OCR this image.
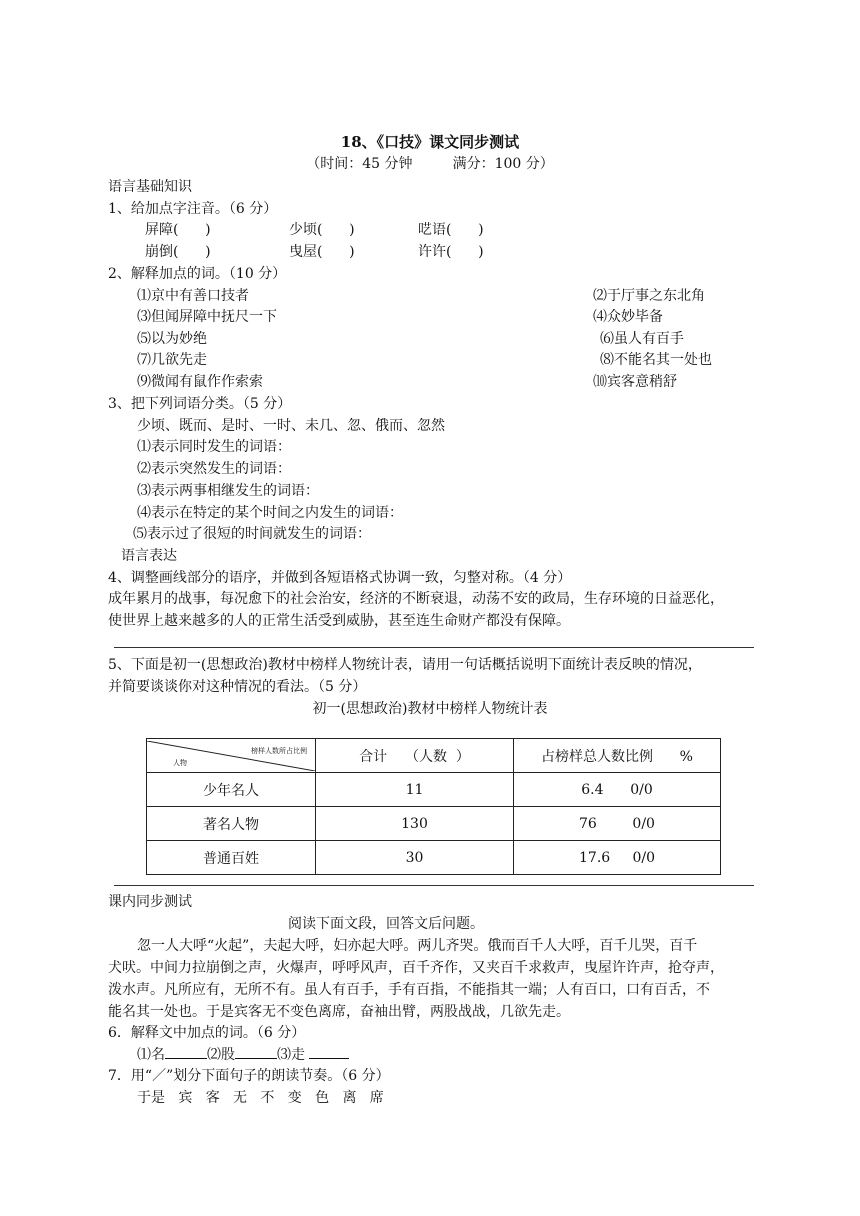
18、《口技》课文同步测试
（时间：45 分钟         满分：100 分）
语言基础知识
1、给加点字注音。（6 分）
屏障(      )	少顷(      )	呓语(      )
崩倒(      )	曳屋(      )	许许(      )
2、解释加点的词。（10 分）
⑴京中有善口技者	⑵于厅事之东北角
⑶但闻屏障中抚尺一下	⑷众妙毕备
⑸以为妙绝	⑹虽人有百手
⑺几欲先走	⑻不能名其一处也
⑼微闻有鼠作作索索	⑽宾客意稍舒
3、把下列词语分类。（5 分）
少顷、既而、是时、一时、未几、忽、俄而、忽然
⑴表示同时发生的词语：
⑵表示突然发生的词语：
⑶表示两事相继发生的词语：
⑷表示在特定的某个时间之内发生的词语：
⑸表示过了很短的时间就发生的词语：
语言表达
4、调整画线部分的语序，并做到各短语格式协调一致，匀整对称。（4 分）
成年累月的战事，每况愈下的社会治安，经济的不断衰退，动荡不安的政局，生存环境的日益恶化，
使世界上越来越多的人的正常生活受到威胁，甚至连生命财产都没有保障。
5、下面是初一(思想政治)教材中榜样人物统计表，请用一句话概括说明下面统计表反映的情况，
并简要谈谈你对这种情况的看法。（5 分）
初一(思想政治)教材中榜样人物统计表
榜样人数所占比例
人物	合计    （人数  ）	占榜样总人数比例      %
少年名人	11	6.4      0/0
著名人物	130	76        0/0
普通百姓	30	17.6     0/0
课内同步测试
阅读下面文段，回答文后问题。
忽一人大呼“火起”，夫起大呼，妇亦起大呼。两儿齐哭。俄而百千人大呼，百千儿哭，百千
犬吠。中间力拉崩倒之声，火爆声，呼呼风声，百千齐作，又夹百千求救声，曳屋许许声，抢夺声，
泼水声。凡所应有，无所不有。虽人有百手，手有百指，不能指其一端；人有百口，口有百舌，不
能名其一处也。于是宾客无不变色离席，奋袖出臂，两股战战，几欲先走。
6．解释文中加点的词。（6 分）
⑴名	⑵股	⑶走
7．用“／”划分下面句子的朗读节奏。（6 分）
于是   宾   客   无   不   变   色   离   席
